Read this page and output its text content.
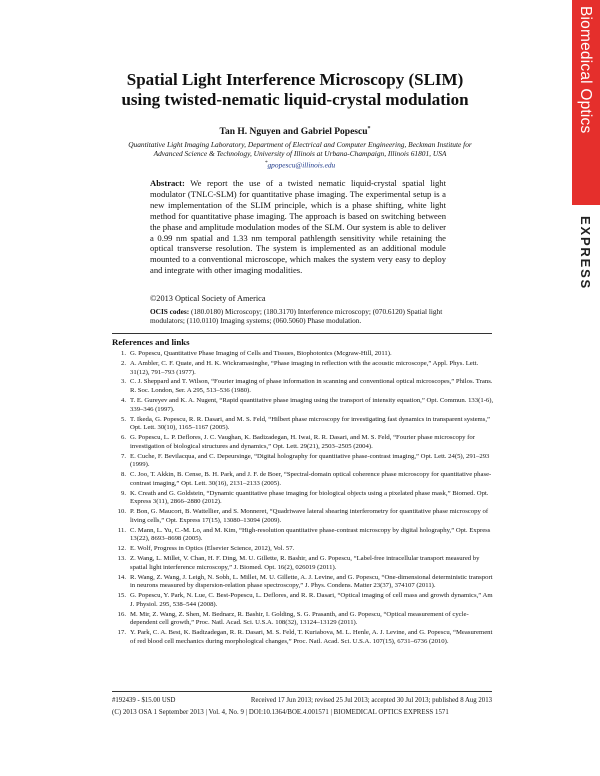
Biomedical Optics
EXPRESS
Spatial Light Interference Microscopy (SLIM)
using twisted-nematic liquid-crystal modulation
Tan H. Nguyen and Gabriel Popescu*
Quantitative Light Imaging Laboratory, Department of Electrical and Computer Engineering, Beckman Institute for
Advanced Science & Technology, University of Illinois at Urbana-Champaign, Illinois 61801, USA
*gpopescu@illinois.edu
Abstract: We report the use of a twisted nematic liquid-crystal spatial light modulator (TNLC-SLM) for quantitative phase imaging. The experimental setup is a new implementation of the SLIM principle, which is a phase shifting, white light method for quantitative phase imaging. The approach is based on switching between the phase and amplitude modulation modes of the SLM. Our system is able to deliver a 0.99 nm spatial and 1.33 nm temporal pathlength sensitivity while retaining the optical transverse resolution. The system is implemented as an additional module mounted to a conventional microscope, which makes the system very easy to deploy and integrate with other imaging modalities.
©2013 Optical Society of America
OCIS codes: (180.0180) Microscopy; (180.3170) Interference microscopy; (070.6120) Spatial light modulators; (110.0110) Imaging systems; (060.5060) Phase modulation.
References and links
1. G. Popescu, Quantitative Phase Imaging of Cells and Tissues, Biophotonics (Mcgraw-Hill, 2011).
2. A. Ambler, C. F. Quate, and H. K. Wickramasinghe, “Phase imaging in reflection with the acoustic microscope,” Appl. Phys. Lett. 31(12), 791–793 (1977).
3. C. J. Sheppard and T. Wilson, “Fourier imaging of phase information in scanning and conventional optical microscopes,” Philos. Trans. R. Soc. London, Ser. A 295, 513–536 (1980).
4. T. E. Gureyev and K. A. Nugent, “Rapid quantitative phase imaging using the transport of intensity equation,” Opt. Commun. 133(1-6), 339–346 (1997).
5. T. Ikeda, G. Popescu, R. R. Dasari, and M. S. Feld, “Hilbert phase microscopy for investigating fast dynamics in transparent systems,” Opt. Lett. 30(10), 1165–1167 (2005).
6. G. Popescu, L. P. Deflores, J. C. Vaughan, K. Badizadegan, H. Iwai, R. R. Dasari, and M. S. Feld, “Fourier phase microscopy for investigation of biological structures and dynamics,” Opt. Lett. 29(21), 2503–2505 (2004).
7. E. Cuche, F. Bevilacqua, and C. Depeursinge, “Digital holography for quantitative phase-contrast imaging,” Opt. Lett. 24(5), 291–293 (1999).
8. C. Joo, T. Akkin, B. Cense, B. H. Park, and J. F. de Boer, “Spectral-domain optical coherence phase microscopy for quantitative phase-contrast imaging,” Opt. Lett. 30(16), 2131–2133 (2005).
9. K. Creath and G. Goldstein, “Dynamic quantitative phase imaging for biological objects using a pixelated phase mask,” Biomed. Opt. Express 3(11), 2866–2880 (2012).
10. P. Bon, G. Maucort, B. Wattellier, and S. Monneret, “Quadriwave lateral shearing interferometry for quantitative phase microscopy of living cells,” Opt. Express 17(15), 13080–13094 (2009).
11. C. Mann, L. Yu, C.-M. Lo, and M. Kim, “High-resolution quantitative phase-contrast microscopy by digital holography,” Opt. Express 13(22), 8693–8698 (2005).
12. E. Wolf, Progress in Optics (Elsevier Science, 2012), Vol. 57.
13. Z. Wang, L. Millet, V. Chan, H. F. Ding, M. U. Gillette, R. Bashir, and G. Popescu, “Label-free intracellular transport measured by spatial light interference microscopy,” J. Biomed. Opt. 16(2), 026019 (2011).
14. R. Wang, Z. Wang, J. Leigh, N. Sobh, L. Millet, M. U. Gillette, A. J. Levine, and G. Popescu, “One-dimensional deterministic transport in neurons measured by dispersion-relation phase spectroscopy,” J. Phys. Condens. Matter 23(37), 374107 (2011).
15. G. Popescu, Y. Park, N. Lue, C. Best-Popescu, L. Deflores, and R. R. Dasari, “Optical imaging of cell mass and growth dynamics,” Am J. Physiol. 295, 538–544 (2008).
16. M. Mir, Z. Wang, Z. Shen, M. Bednarz, R. Bashir, I. Golding, S. G. Prasanth, and G. Popescu, “Optical measurement of cycle-dependent cell growth,” Proc. Natl. Acad. Sci. U.S.A. 108(32), 13124–13129 (2011).
17. Y. Park, C. A. Best, K. Badizadegan, R. R. Dasari, M. S. Feld, T. Kuriabova, M. L. Henle, A. J. Levine, and G. Popescu, “Measurement of red blood cell mechanics during morphological changes,” Proc. Natl. Acad. Sci. U.S.A. 107(15), 6731–6736 (2010).
#192439 - $15.00 USD	Received 17 Jun 2013; revised 25 Jul 2013; accepted 30 Jul 2013; published 8 Aug 2013
(C) 2013 OSA 1 September 2013 | Vol. 4, No. 9 | DOI:10.1364/BOE.4.001571 | BIOMEDICAL OPTICS EXPRESS 1571
